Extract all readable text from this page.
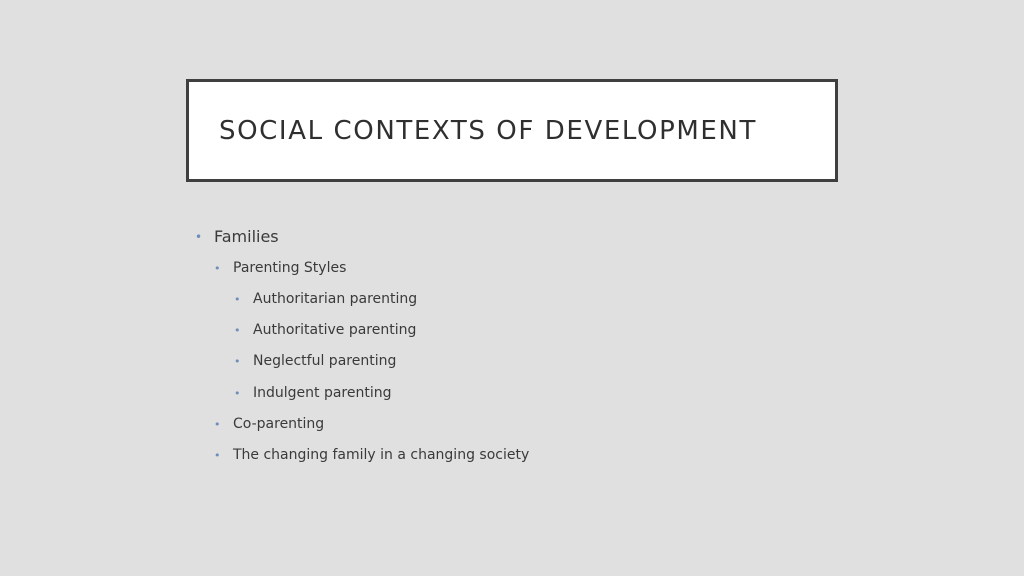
SOCIAL CONTEXTS OF DEVELOPMENT
• Families
• Parenting Styles
• Authoritarian parenting
• Authoritative parenting
• Neglectful parenting
• Indulgent parenting
• Co-parenting
• The changing family in a changing society
